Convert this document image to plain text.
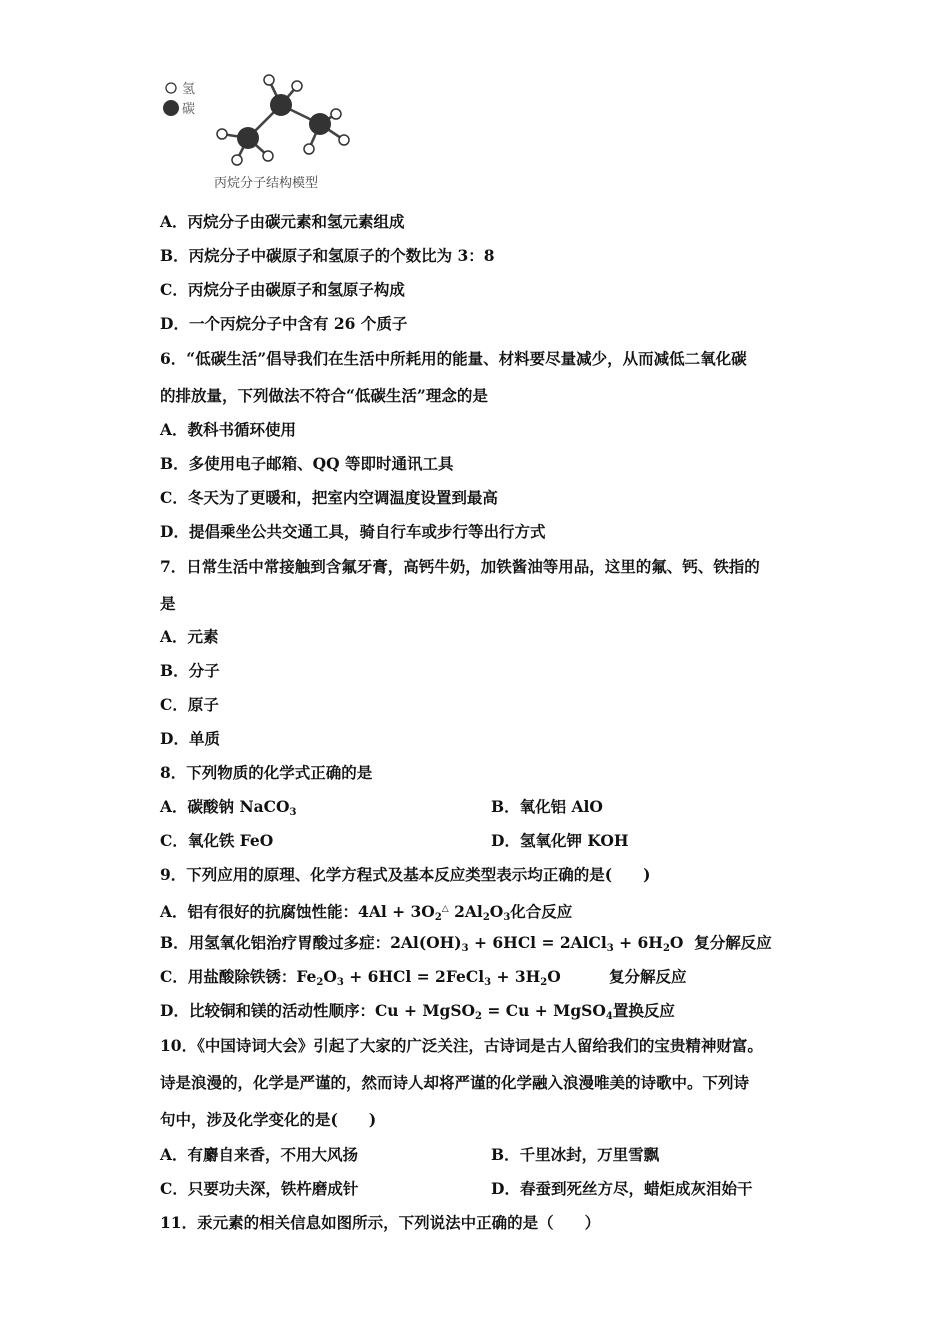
氢
碳
丙烷分子结构模型
A．丙烷分子由碳元素和氢元素组成
B．丙烷分子中碳原子和氢原子的个数比为 3：8
C．丙烷分子由碳原子和氢原子构成
D．一个丙烷分子中含有 26 个质子
6．“低碳生活”倡导我们在生活中所耗用的能量、材料要尽量减少，从而减低二氧化碳
的排放量，下列做法不符合“低碳生活”理念的是
A．教科书循环使用
B．多使用电子邮箱、QQ 等即时通讯工具
C．冬天为了更暖和，把室内空调温度设置到最高
D．提倡乘坐公共交通工具，骑自行车或步行等出行方式
7．日常生活中常接触到含氟牙膏，高钙牛奶，加铁酱油等用品，这里的氟、钙、铁指的
是
A．元素
B．分子
C．原子
D．单质
8．下列物质的化学式正确的是
A．碳酸钠 NaCO$_3$	B．氧化铝 AlO
C．氧化铁 FeO	D．氢氧化钾 KOH
9．下列应用的原理、化学方程式及基本反应类型表示均正确的是(　　)
A．铝有很好的抗腐蚀性能：$4Al + 3O_2^\triangle$ $2Al_2O_3$化合反应
B．用氢氧化铝治疗胃酸过多症：$2Al(OH)_3 + 6HCl$ = 2AlCl$_3$ + $6H_2O$ 复分解反应
C．用盐酸除铁锈：$Fe_2O_3 + 6HCl$ = 2FeCl$_3$ + $3H_2O$	复分解反应
D．比较铜和镁的活动性顺序：Cu + MgSO$_2$ = Cu + MgSO$_4$置换反应
10．《中国诗词大会》引起了大家的广泛关注，古诗词是古人留给我们的宝贵精神财富。
诗是浪漫的，化学是严谨的，然而诗人却将严谨的化学融入浪漫唯美的诗歌中。下列诗
句中，涉及化学变化的是(　　)
A．有麝自来香，不用大风扬	B．千里冰封，万里雪飘
C．只要功夫深，铁杵磨成针	D．春蚕到死丝方尽，蜡炬成灰泪始干
11．汞元素的相关信息如图所示，下列说法中正确的是（　　）
